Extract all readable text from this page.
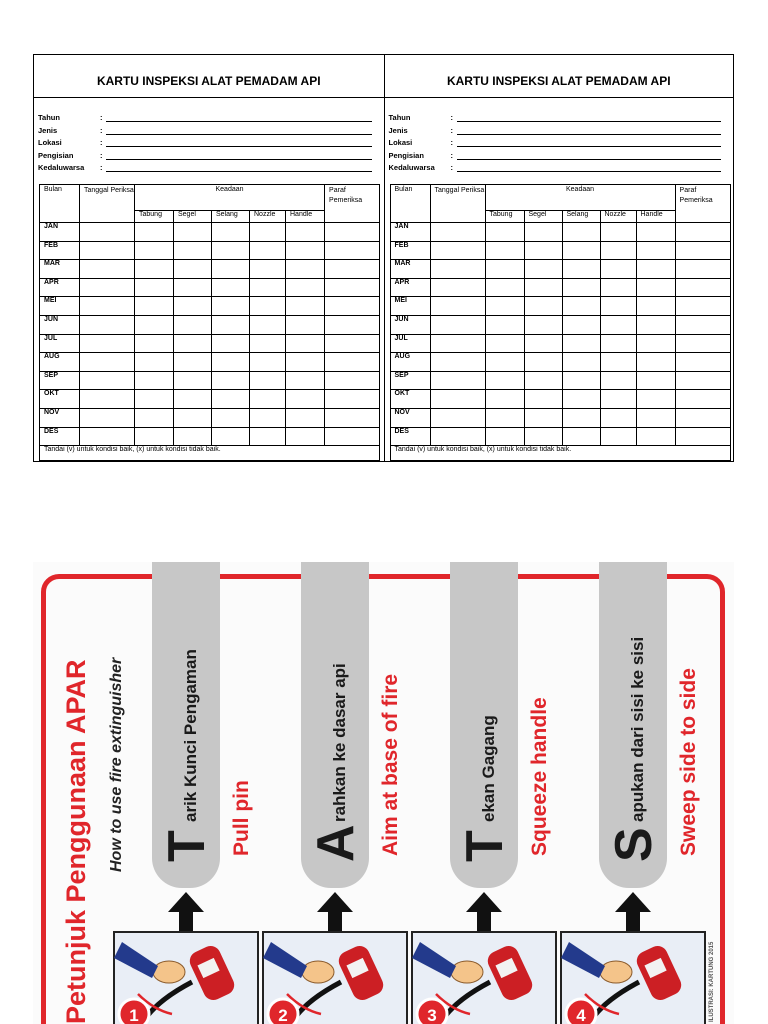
KARTU INSPEKSI ALAT PEMADAM API
Tahun	:
Jenis	:
Lokasi	:
Pengisian	:
Kedaluwarsa	:
Bulan	Tanggal Periksa	Keadaan					Paraf Pemeriksa
		Tabung	Segel	Selang	Nozzle	Handle	
JAN							
FEB							
MAR							
APR							
MEI							
JUN							
JUL							
AUG							
SEP							
OKT							
NOV							
DES							
Tandai (v) untuk kondisi baik, (x) untuk kondisi tidak baik.							
KARTU INSPEKSI ALAT PEMADAM API
Tahun	:
Jenis	:
Lokasi	:
Pengisian	:
Kedaluwarsa	:
Bulan	Tanggal Periksa	Keadaan					Paraf Pemeriksa
		Tabung	Segel	Selang	Nozzle	Handle	
JAN							
FEB							
MAR							
APR							
MEI							
JUN							
JUL							
AUG							
SEP							
OKT							
NOV							
DES							
Tandai (v) untuk kondisi baik, (x) untuk kondisi tidak baik.							
Petunjuk Penggunaan APAR How to use fire extinguisher T
arik Kunci Pengaman Pull pin
1
A
rahkan ke dasar api Aim at base of fire
2
T
ekan Gagang Squeeze handle
3
S
apukan dari sisi ke sisi Sweep side to side
4	ILUSTRASI: KARTUNG 2015
